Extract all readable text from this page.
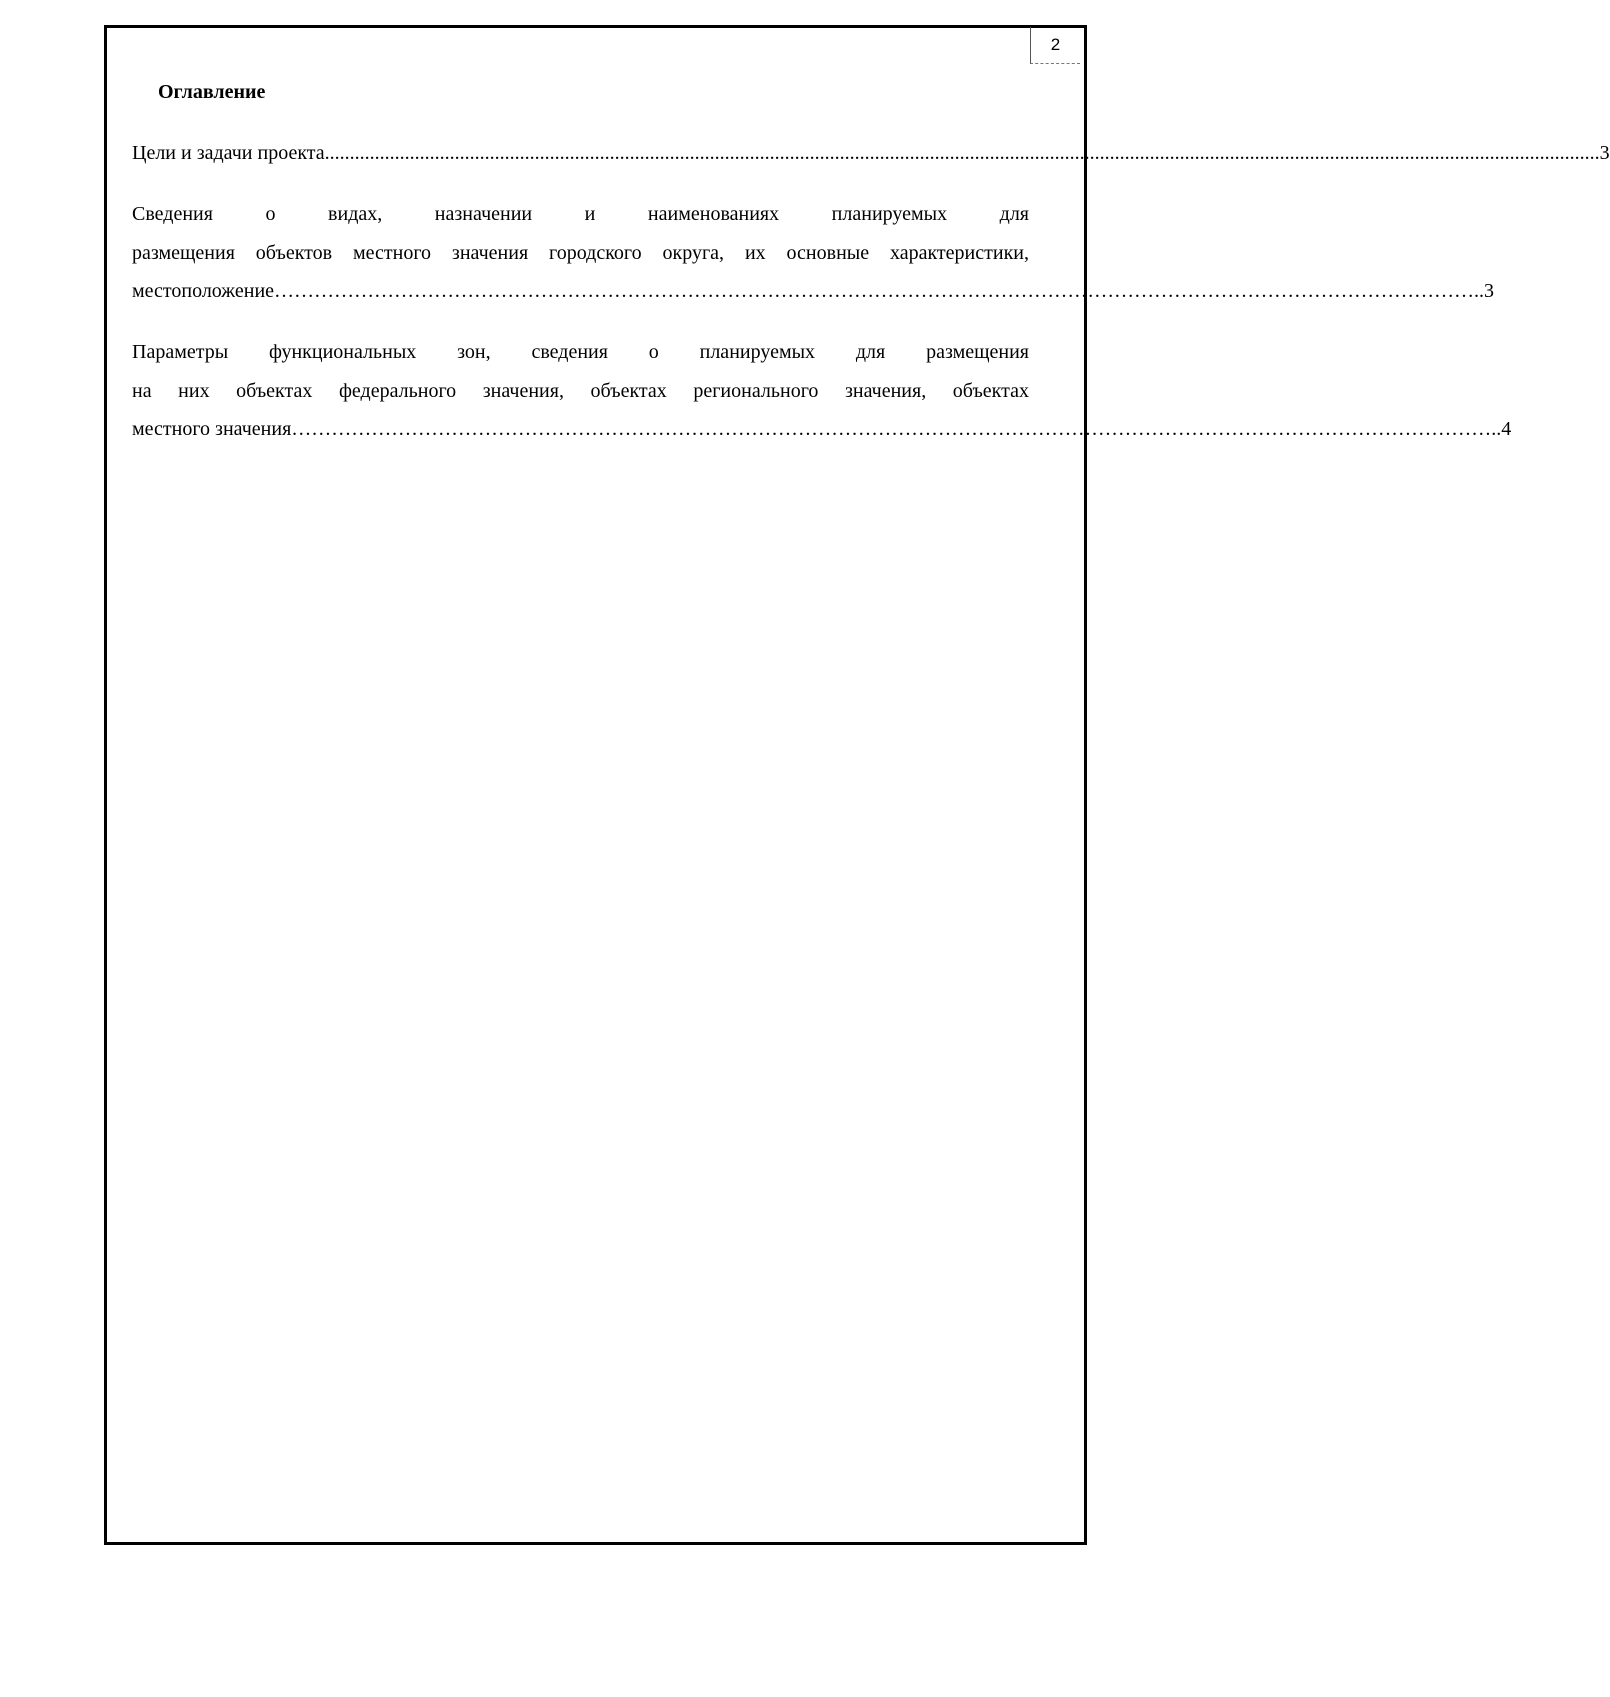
2
Оглавление
Цели и задачи проекта .............................................................................................................................................................................................................................................................. .3
Сведения о видах, назначении и наименованиях планируемых для
размещения объектов местного значения городского округа, их основные характеристики,
местоположение ……………………………………………………………………………………………………………………………………………………………… ..3
Параметры функциональных зон, сведения о планируемых для размещения
на них объектах федерального значения, объектах регионального значения, объектах
местного значения ……………………………………………………………………………………………………………………………………………………………… ..4
